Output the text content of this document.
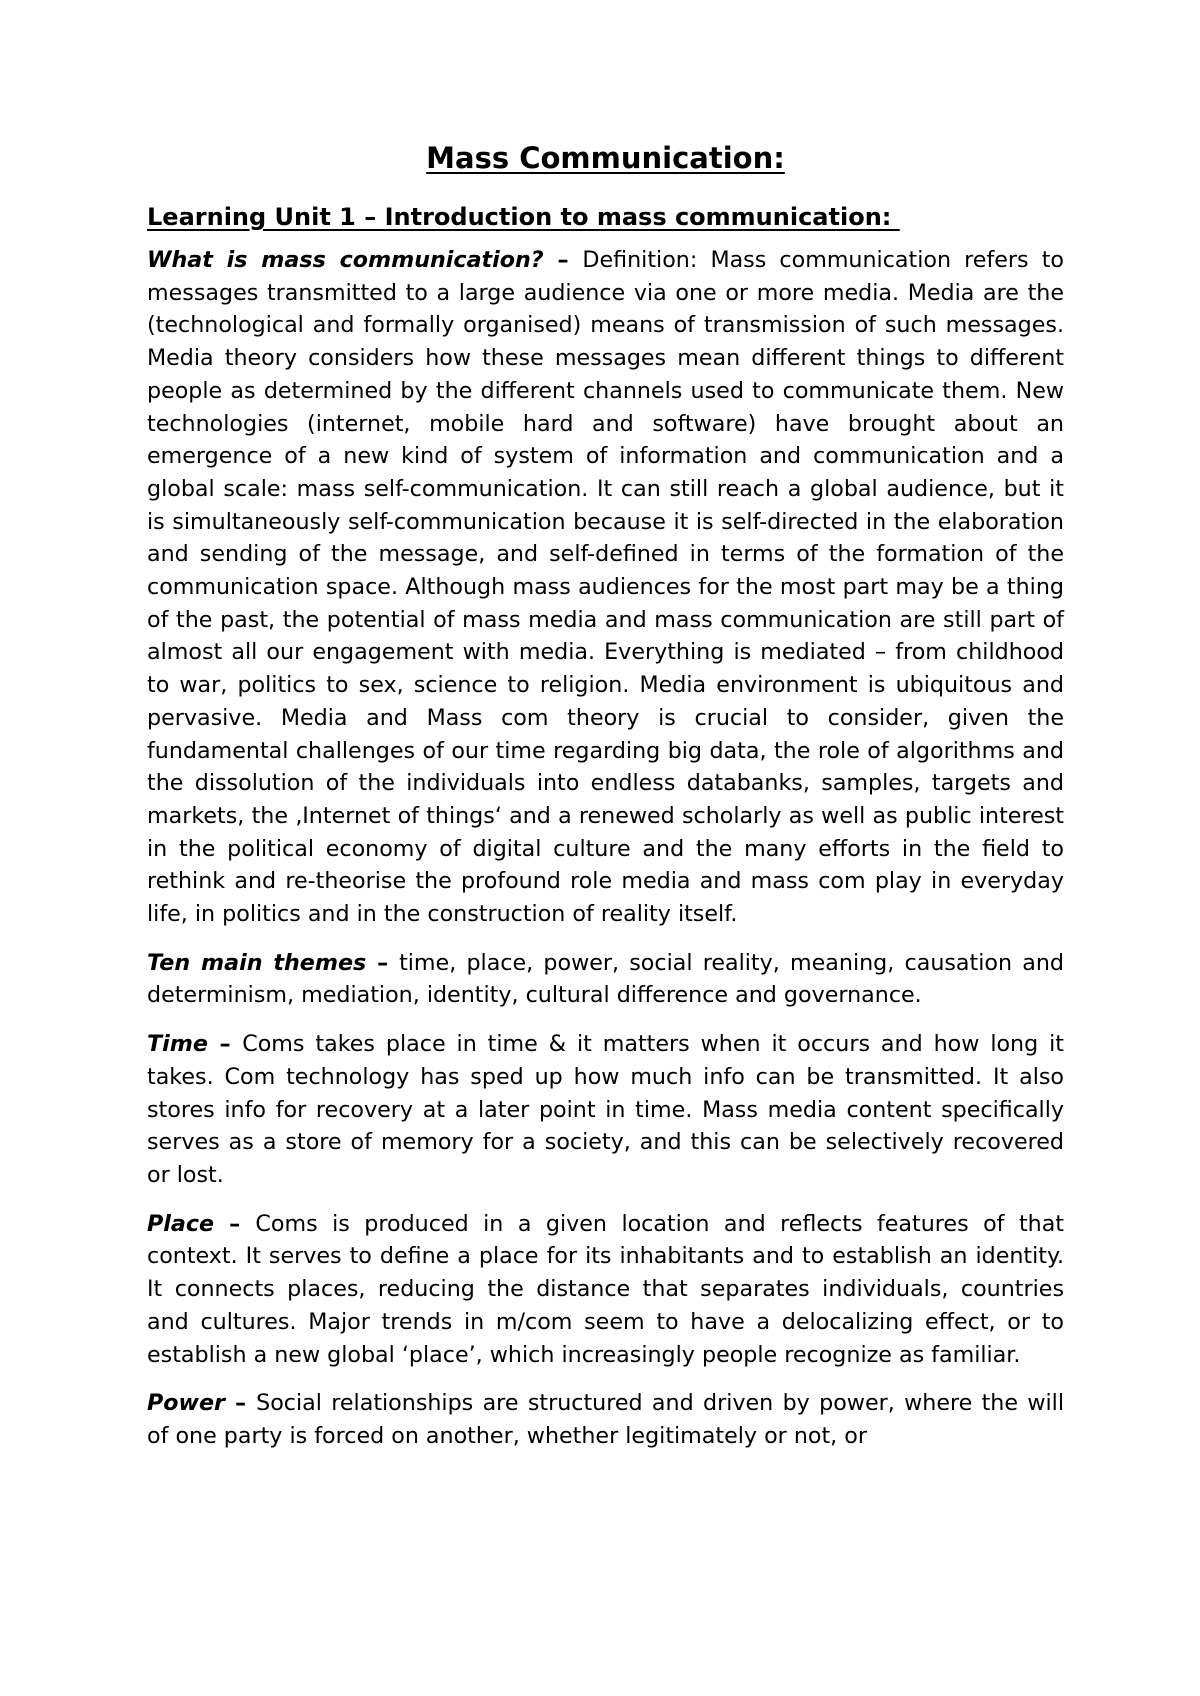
Mass Communication:
Learning Unit 1 – Introduction to mass communication:

What is mass communication? – Definition: Mass communication refers to messages transmitted to a large audience via one or more media. Media are the (technological and formally organised) means of transmission of such messages. Media theory considers how these messages mean different things to different people as determined by the different channels used to communicate them. New technologies (internet, mobile hard and software) have brought about an emergence of a new kind of system of information and communication and a global scale: mass self-communication. It can still reach a global audience, but it is simultaneously self-communication because it is self-directed in the elaboration and sending of the message, and self-defined in terms of the formation of the communication space. Although mass audiences for the most part may be a thing of the past, the potential of mass media and mass communication are still part of almost all our engagement with media. Everything is mediated – from childhood to war, politics to sex, science to religion. Media environment is ubiquitous and pervasive. Media and Mass com theory is crucial to consider, given the fundamental challenges of our time regarding big data, the role of algorithms and the dissolution of the individuals into endless databanks, samples, targets and markets, the ‚Internet of things‘ and a renewed scholarly as well as public interest in the political economy of digital culture and the many efforts in the field to rethink and re-theorise the profound role media and mass com play in everyday life, in politics and in the construction of reality itself.

Ten main themes – time, place, power, social reality, meaning, causation and determinism, mediation, identity, cultural difference and governance.

Time – Coms takes place in time & it matters when it occurs and how long it takes. Com technology has sped up how much info can be transmitted. It also stores info for recovery at a later point in time. Mass media content specifically serves as a store of memory for a society, and this can be selectively recovered or lost.

Place – Coms is produced in a given location and reflects features of that context. It serves to define a place for its inhabitants and to establish an identity. It connects places, reducing the distance that separates individuals, countries and cultures. Major trends in m/com seem to have a delocalizing effect, or to establish a new global ‘place’, which increasingly people recognize as familiar.

Power – Social relationships are structured and driven by power, where the will of one party is forced on another, whether legitimately or not, or
